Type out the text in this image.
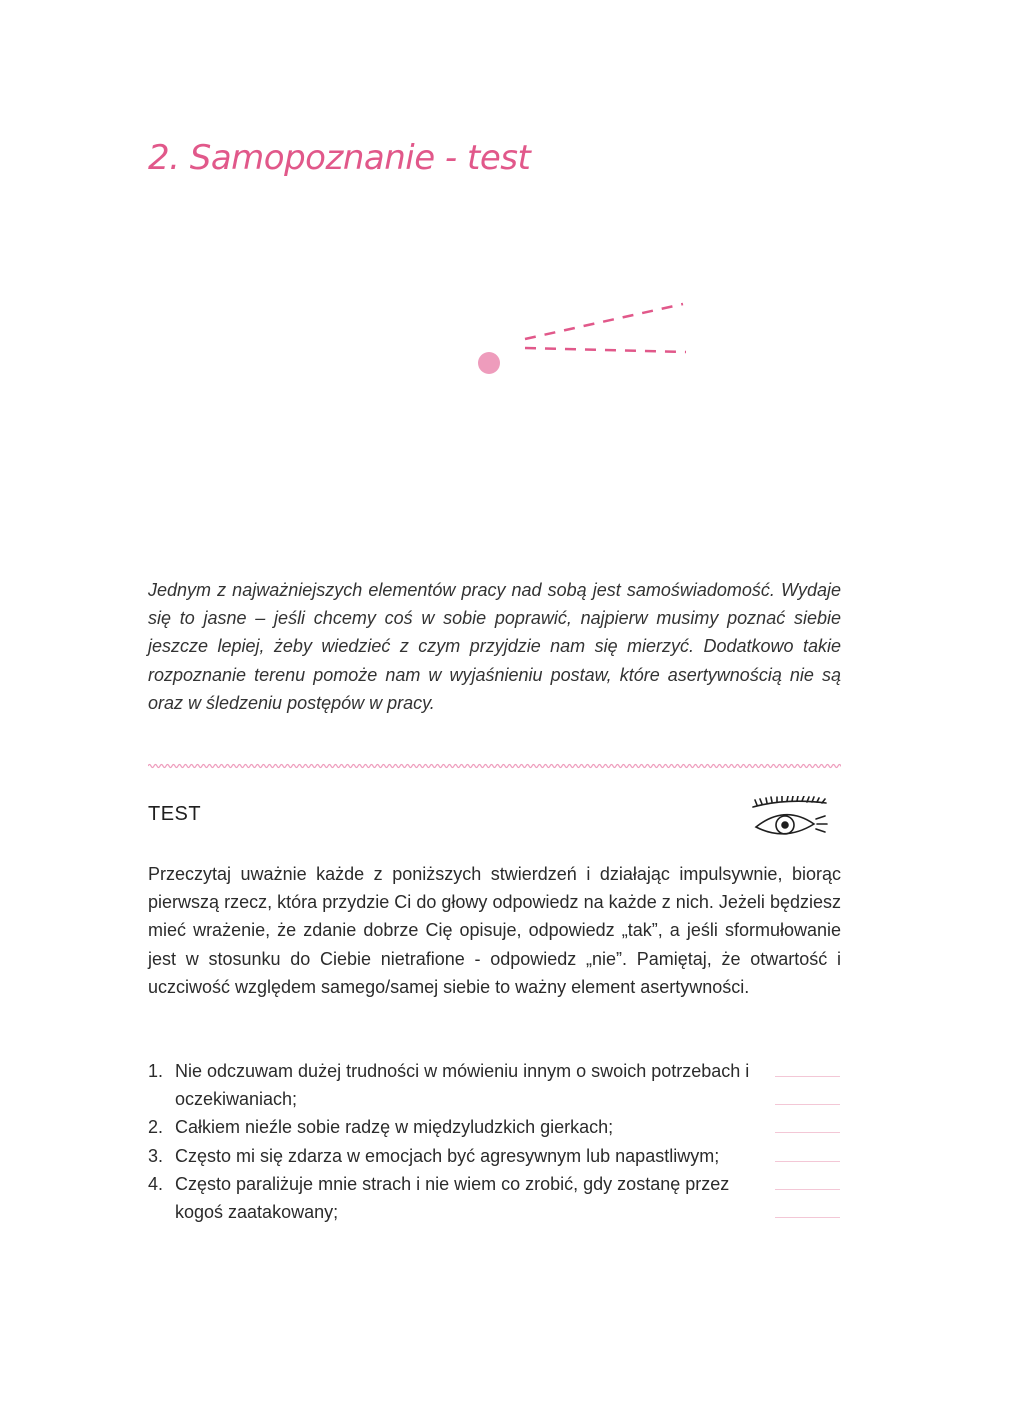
2. Samopoznanie - test

Jednym z najważniejszych elementów pracy nad sobą jest samoświadomość. Wydaje się to jasne – jeśli chcemy coś w sobie poprawić, najpierw musimy poznać siebie jeszcze lepiej, żeby wiedzieć z czym przyjdzie nam się mierzyć. Dodatkowo takie rozpoznanie terenu pomoże nam w wyjaśnieniu postaw, które asertywnością nie są oraz w śledzeniu postępów w pracy.

TEST

Przeczytaj uważnie każde z poniższych stwierdzeń i działając impulsywnie, biorąc pierwszą rzecz, która przydzie Ci do głowy odpowiedz na każde z nich. Jeżeli będziesz mieć wrażenie, że zdanie dobrze Cię opisuje, odpowiedz „tak”, a jeśli sformułowanie jest w stosunku do Ciebie nietrafione - odpowiedz „nie”. Pamiętaj, że otwartość i uczciwość względem samego/samej siebie to ważny element asertywności.

1. Nie odczuwam dużej trudności w mówieniu innym o swoich potrzebach i oczekiwaniach;
2. Całkiem nieźle sobie radzę w międzyludzkich gierkach;
3. Często mi się zdarza w emocjach być agresywnym lub napastliwym;
4. Często paraliżuje mnie strach i nie wiem co zrobić, gdy zostanę przez kogoś zaatakowany;
